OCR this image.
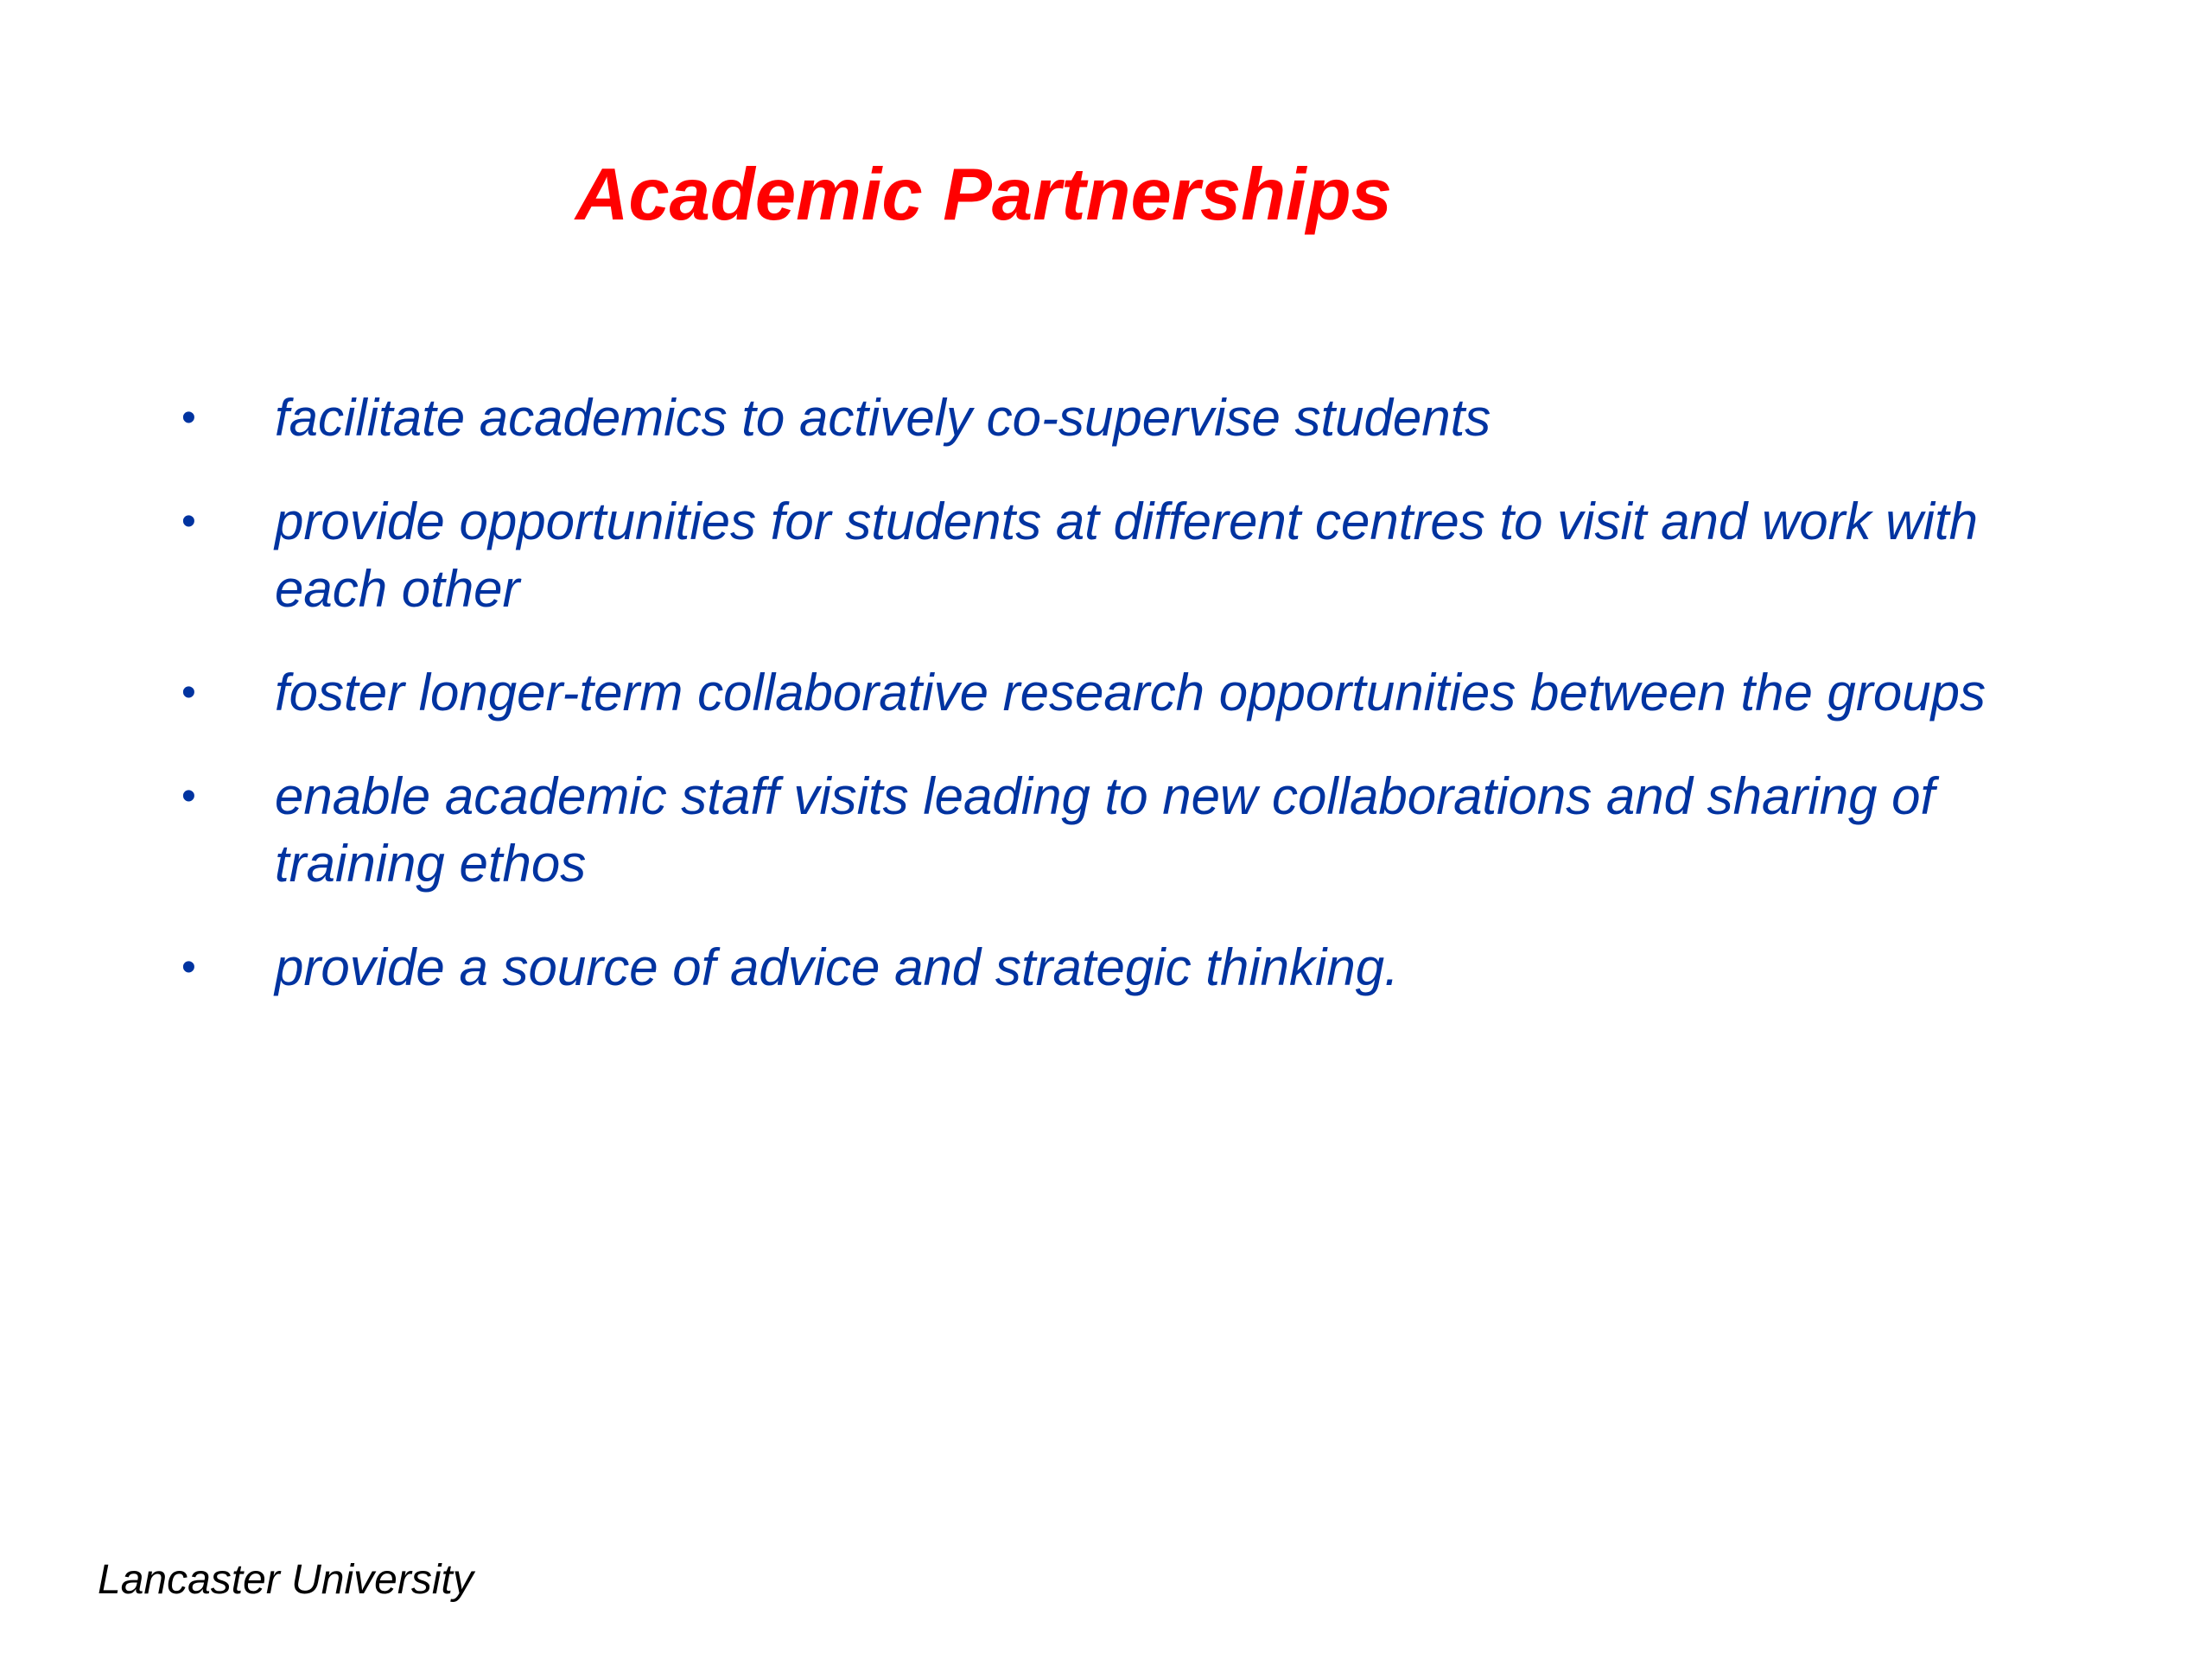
Academic Partnerships
•	facilitate academics to actively co-supervise students
•	provide opportunities for students at different centres to visit and work with each other
•	foster longer-term collaborative research opportunities between the groups
•	enable academic staff visits leading to new collaborations and sharing of training ethos
•	provide a source of advice and strategic thinking.

Lancaster University
